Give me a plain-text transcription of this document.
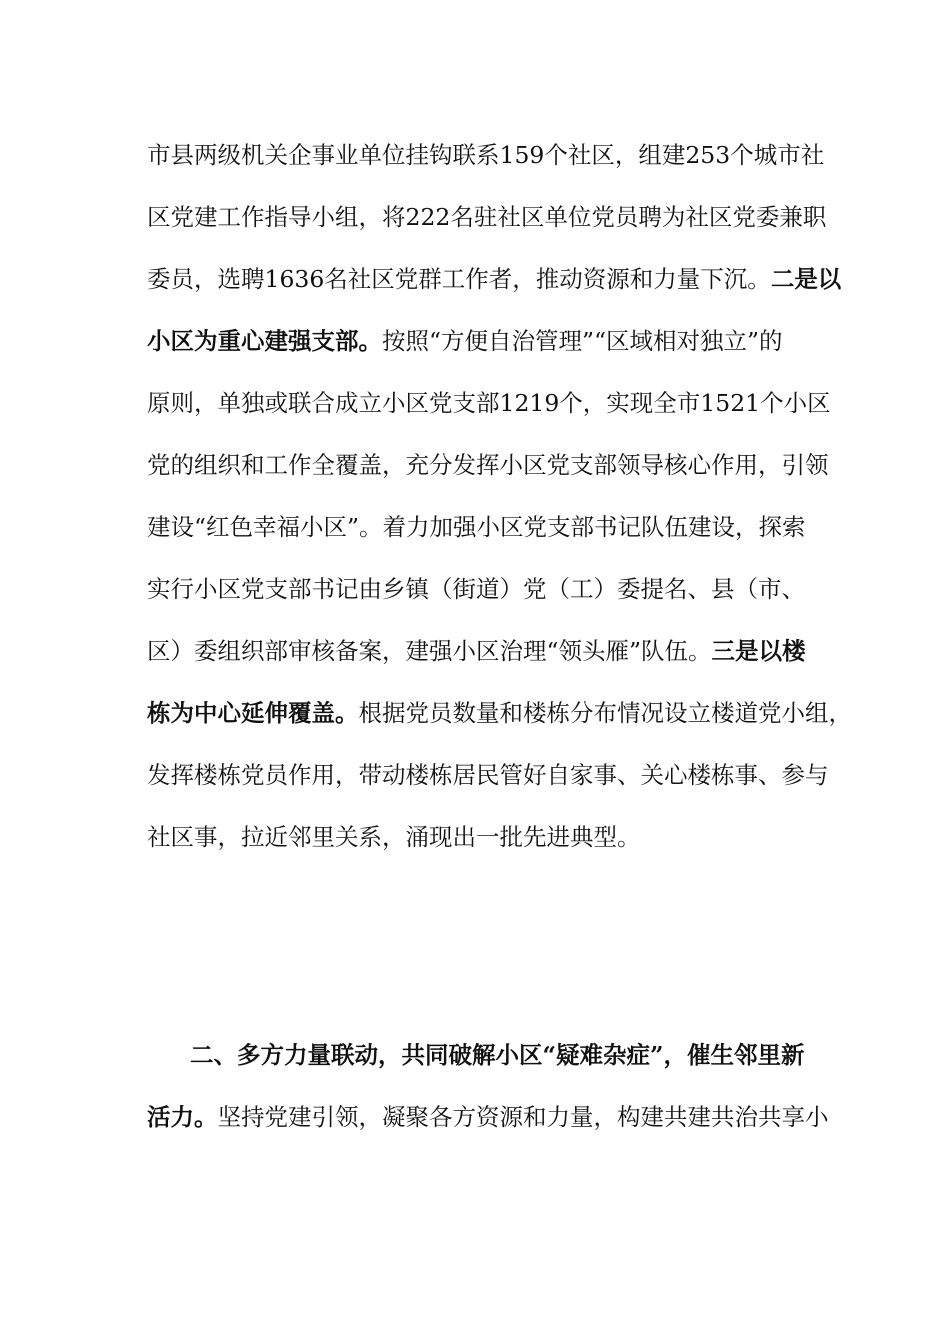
市县两级机关企事业单位挂钩联系159个社区，组建253个城市社
区党建工作指导小组，将222名驻社区单位党员聘为社区党委兼职
委员，选聘1636名社区党群工作者，推动资源和力量下沉。二是以
小区为重心建强支部。按照“方便自治管理”“区域相对独立”的
原则，单独或联合成立小区党支部1219个，实现全市1521个小区
党的组织和工作全覆盖，充分发挥小区党支部领导核心作用，引领
建设“红色幸福小区”。着力加强小区党支部书记队伍建设，探索
实行小区党支部书记由乡镇（街道）党（工）委提名、县（市、
区）委组织部审核备案，建强小区治理“领头雁”队伍。三是以楼
栋为中心延伸覆盖。根据党员数量和楼栋分布情况设立楼道党小组，
发挥楼栋党员作用，带动楼栋居民管好自家事、关心楼栋事、参与
社区事，拉近邻里关系，涌现出一批先进典型。
二、多方力量联动，共同破解小区“疑难杂症”，催生邻里新
活力。坚持党建引领，凝聚各方资源和力量，构建共建共治共享小
